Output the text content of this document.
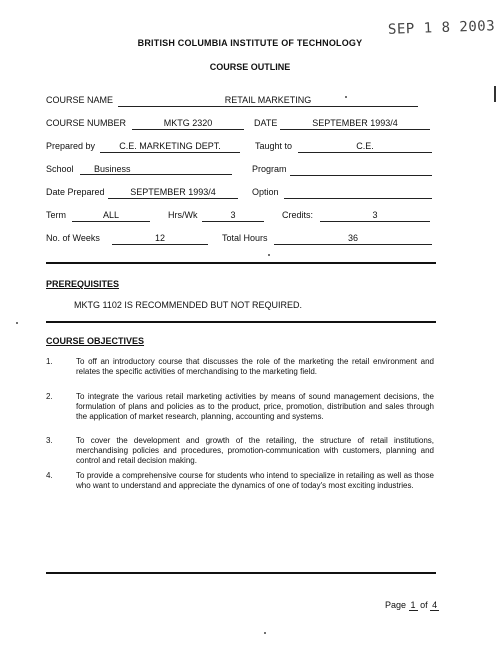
SEP 1 8 2003
BRITISH COLUMBIA INSTITUTE OF TECHNOLOGY
COURSE OUTLINE
COURSE NAME	RETAIL MARKETING
COURSE NUMBER	MKTG 2320	DATE	SEPTEMBER 1993/4
Prepared by	C.E. MARKETING DEPT.	Taught to	C.E.
School	Business	Program
Date Prepared	SEPTEMBER 1993/4	Option
Term	ALL	Hrs/Wk	3	Credits:	3
No. of Weeks	12	Total Hours	36
PREREQUISITES
MKTG 1102 IS RECOMMENDED BUT NOT REQUIRED.
COURSE OBJECTIVES
1.	To off an introductory course that discusses the role of the marketing the retail environment and relates the specific activities of merchandising to the marketing field.
2.	To integrate the various retail marketing activities by means of sound management decisions, the formulation of plans and policies as to the product, price, promotion, distribution and sales through the application of market research, planning, accounting and systems.
3.	To cover the development and growth of the retailing, the structure of retail institutions, merchandising policies and procedures, promotion-communication with customers, planning and control and retail decision making.
4.	To provide a comprehensive course for students who intend to specialize in retailing as well as those who want to understand and appreciate the dynamics of one of today's most exciting industries.
Page 1 of 4
